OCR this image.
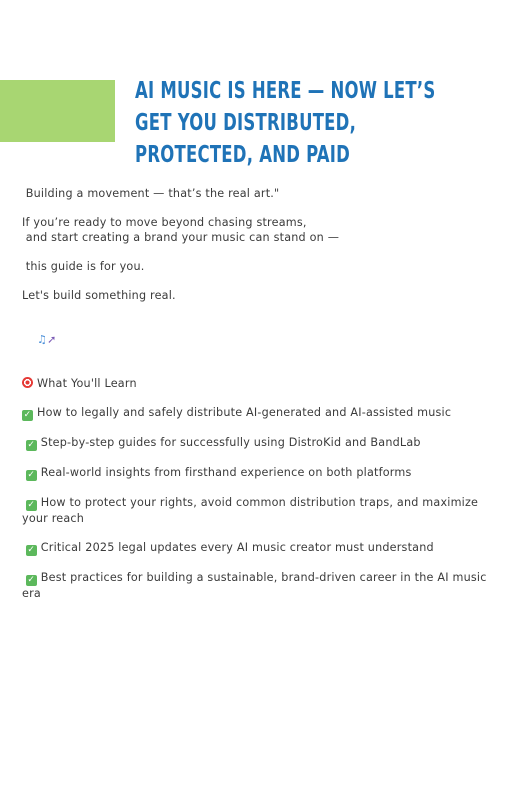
AI MUSIC IS HERE — NOW LET’S GET YOU DISTRIBUTED, PROTECTED, AND PAID

Building a movement — that’s the real art."

If you’re ready to move beyond chasing streams,

and start creating a brand your music can stand on —

this guide is for you.

Let's build something real.

♫➚

What You'll Learn

✓ How to legally and safely distribute AI-generated and AI-assisted music

✓ Step-by-step guides for successfully using DistroKid and BandLab

✓ Real-world insights from firsthand experience on both platforms

✓ How to protect your rights, avoid common distribution traps, and maximize your reach

✓ Critical 2025 legal updates every AI music creator must understand

✓ Best practices for building a sustainable, brand-driven career in the AI music era
